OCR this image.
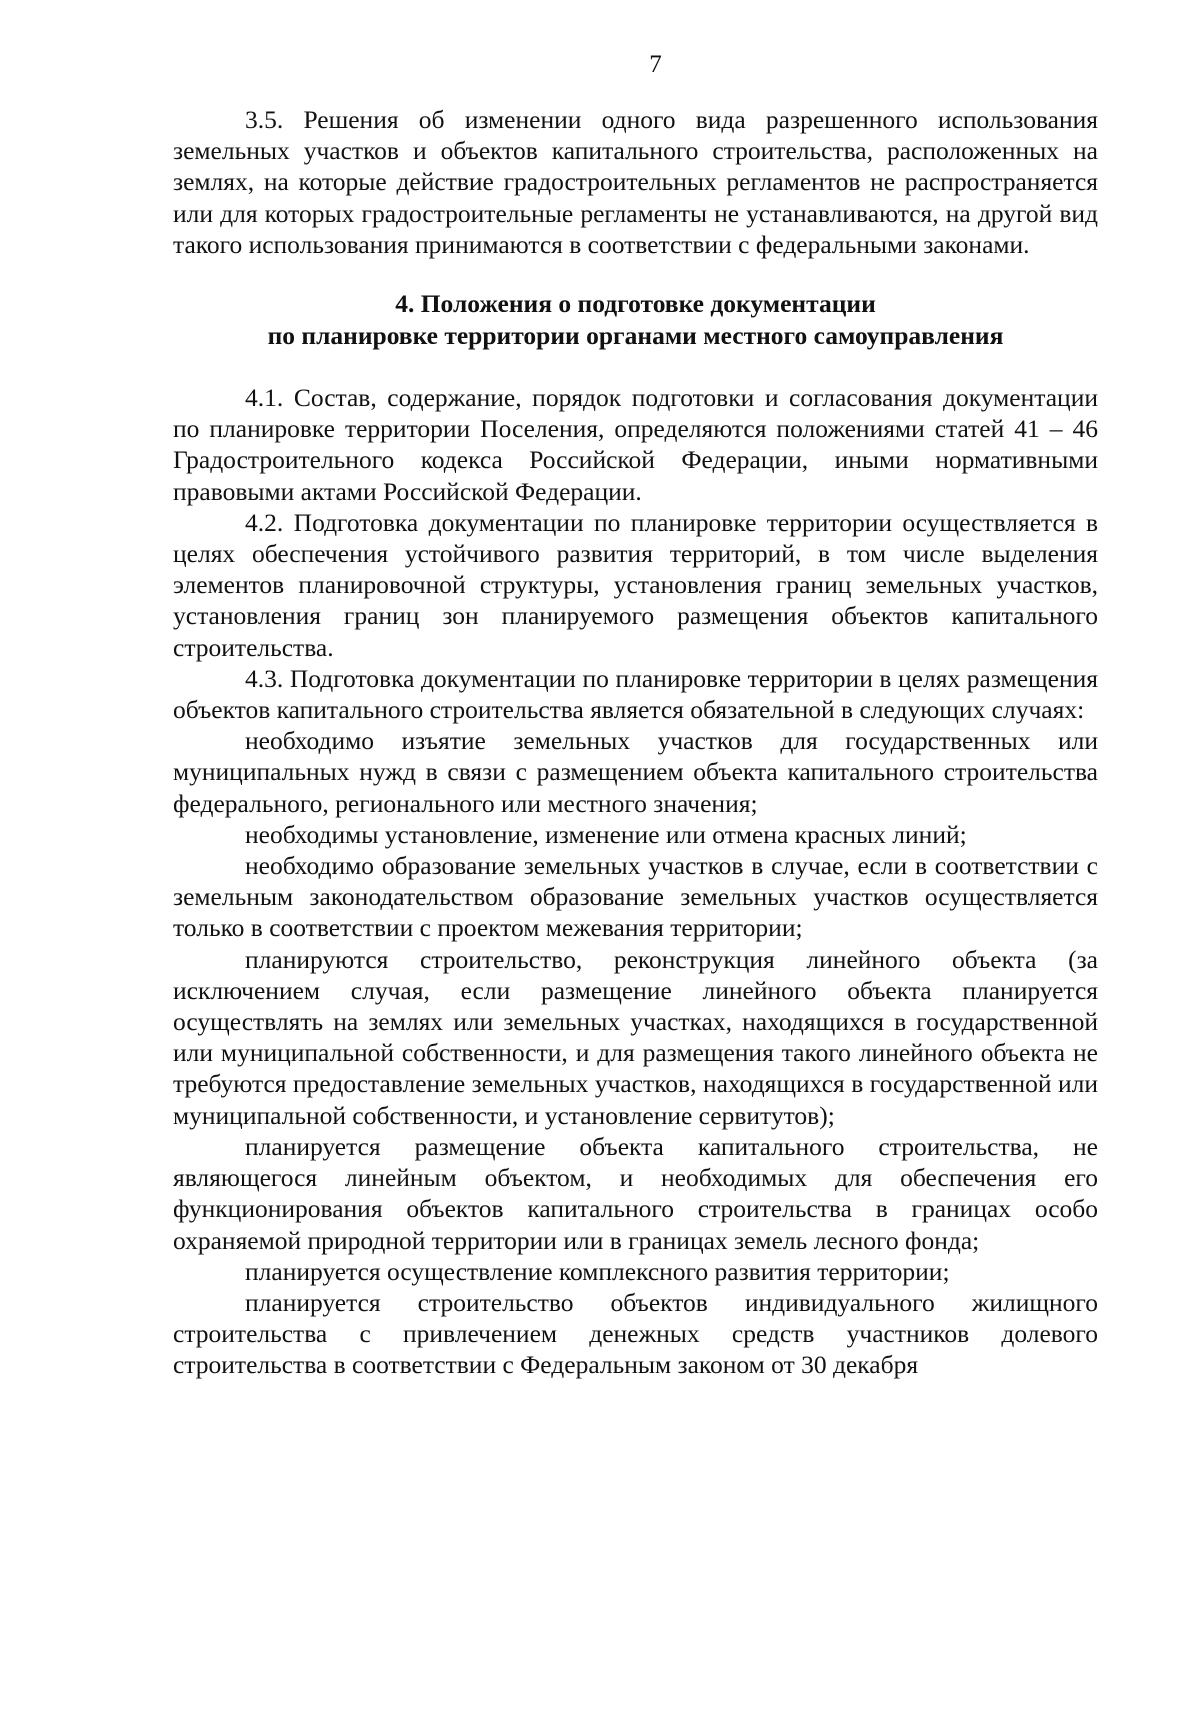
7

3.5. Решения об изменении одного вида разрешенного использования земельных участков и объектов капитального строительства, расположенных на землях, на которые действие градостроительных регламентов не распространяется или для которых градостроительные регламенты не устанавливаются, на другой вид такого использования принимаются в соответствии с федеральными законами.

4. Положения о подготовке документации
по планировке территории органами местного самоуправления

4.1. Состав, содержание, порядок подготовки и согласования документации по планировке территории Поселения, определяются положениями статей 41 – 46 Градостроительного кодекса Российской Федерации, иными нормативными правовыми актами Российской Федерации.

4.2. Подготовка документации по планировке территории осуществляется в целях обеспечения устойчивого развития территорий, в том числе выделения элементов планировочной структуры, установления границ земельных участков, установления границ зон планируемого размещения объектов капитального строительства.

4.3. Подготовка документации по планировке территории в целях размещения объектов капитального строительства является обязательной в следующих случаях:

необходимо изъятие земельных участков для государственных или муниципальных нужд в связи с размещением объекта капитального строительства федерального, регионального или местного значения;

необходимы установление, изменение или отмена красных линий;

необходимо образование земельных участков в случае, если в соответствии с земельным законодательством образование земельных участков осуществляется только в соответствии с проектом межевания территории;

планируются строительство, реконструкция линейного объекта (за исключением случая, если размещение линейного объекта планируется осуществлять на землях или земельных участках, находящихся в государственной или муниципальной собственности, и для размещения такого линейного объекта не требуются предоставление земельных участков, находящихся в государственной или муниципальной собственности, и установление сервитутов);

планируется размещение объекта капитального строительства, не являющегося линейным объектом, и необходимых для обеспечения его функционирования объектов капитального строительства в границах особо охраняемой природной территории или в границах земель лесного фонда;

планируется осуществление комплексного развития территории;

планируется строительство объектов индивидуального жилищного строительства с привлечением денежных средств участников долевого строительства в соответствии с Федеральным законом от 30 декабря
